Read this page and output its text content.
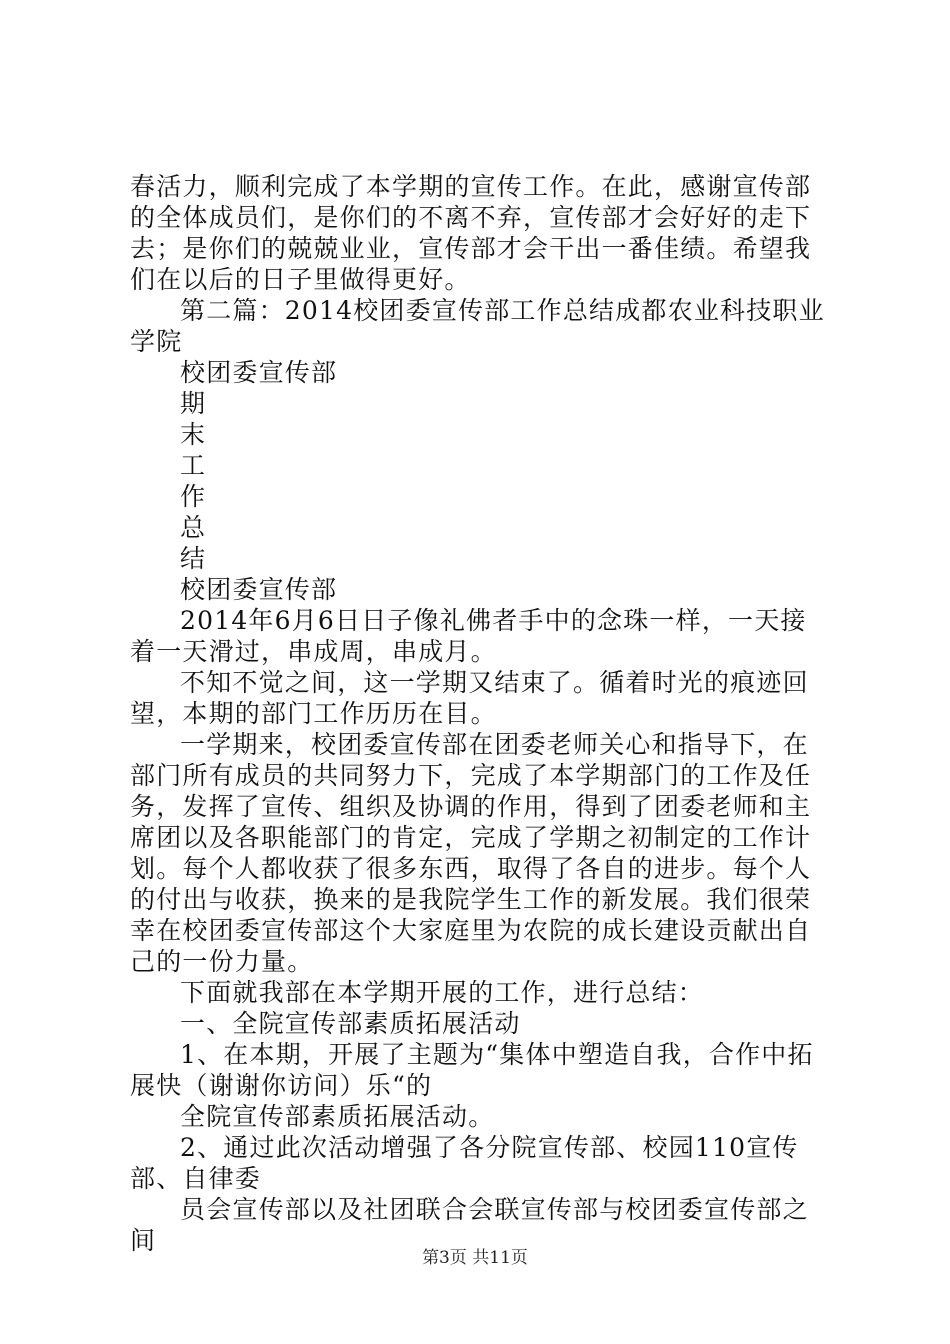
春活力，顺利完成了本学期的宣传工作。在此，感谢宣传部的全体成员们，是你们的不离不弃，宣传部才会好好的走下去；是你们的兢兢业业，宣传部才会干出一番佳绩。希望我们在以后的日子里做得更好。

第二篇：2014校团委宣传部工作总结成都农业科技职业学院

校团委宣传部

期

末

工

作

总

结

校团委宣传部

2014年6月6日日子像礼佛者手中的念珠一样，一天接着一天滑过，串成周，串成月。

不知不觉之间，这一学期又结束了。循着时光的痕迹回望，本期的部门工作历历在目。

一学期来，校团委宣传部在团委老师关心和指导下，在部门所有成员的共同努力下，完成了本学期部门的工作及任务，发挥了宣传、组织及协调的作用，得到了团委老师和主席团以及各职能部门的肯定，完成了学期之初制定的工作计划。每个人都收获了很多东西，取得了各自的进步。每个人的付出与收获，换来的是我院学生工作的新发展。我们很荣幸在校团委宣传部这个大家庭里为农院的成长建设贡献出自己的一份力量。

下面就我部在本学期开展的工作，进行总结：

一、全院宣传部素质拓展活动

1、在本期，开展了主题为“集体中塑造自我，合作中拓展快（谢谢你访问）乐“的

全院宣传部素质拓展活动。

2、通过此次活动增强了各分院宣传部、校园110宣传部、自律委

员会宣传部以及社团联合会联宣传部与校团委宣传部之间

第3页 共11页
